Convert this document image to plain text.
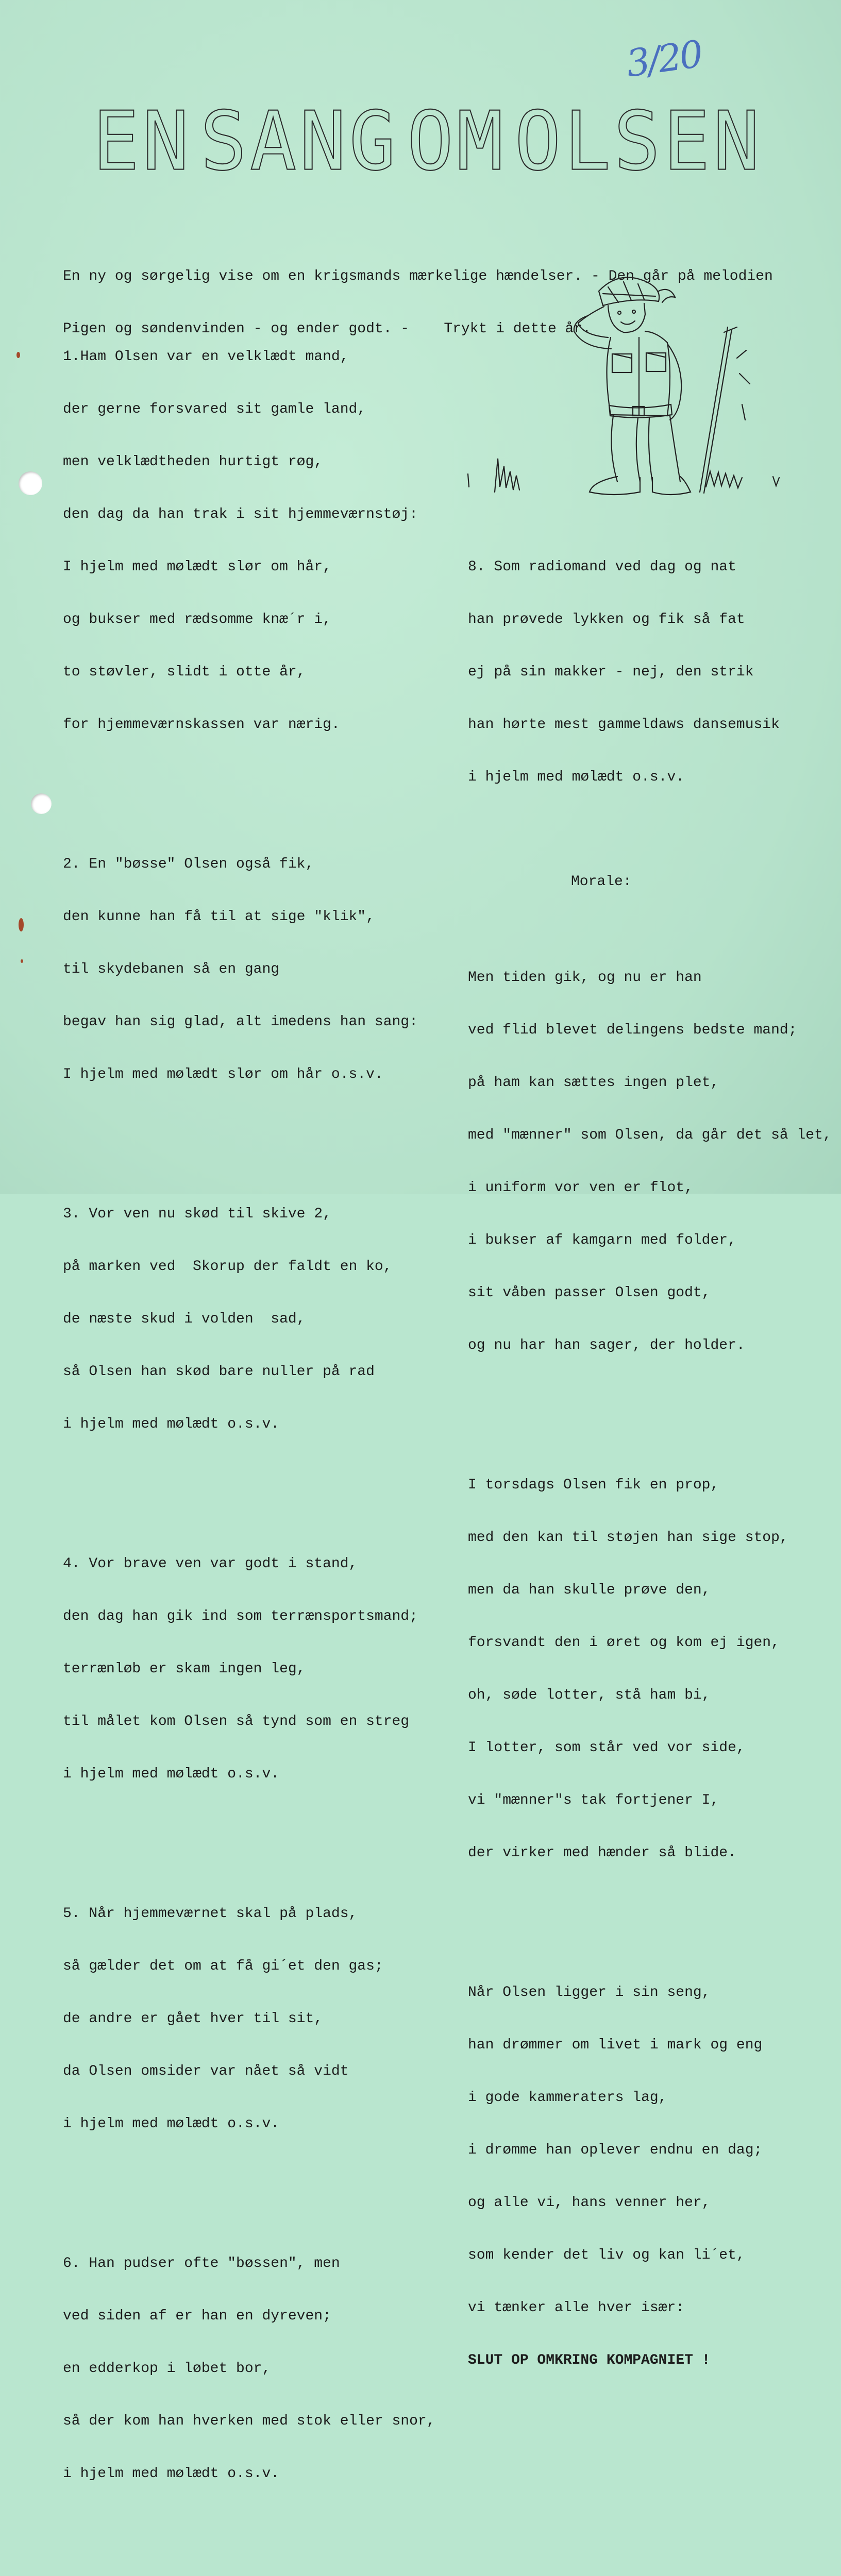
3/20
EN SANG OM OLSEN

En ny og sørgelig vise om en krigsmands mærkelige hændelser. - Den går på melodien

Pigen og søndenvinden - og ender godt. -    Trykt i dette år.

1.Ham Olsen var en velklædt mand,

der gerne forsvared sit gamle land,

men velklædtheden hurtigt røg,

den dag da han trak i sit hjemmeværnstøj:

I hjelm med mølædt slør om hår,

og bukser med rædsomme knæ´r i,

to støvler, slidt i otte år,

for hjemmeværnskassen var nærig.

2. En "bøsse" Olsen også fik,

den kunne han få til at sige "klik",

til skydebanen så en gang

begav han sig glad, alt imedens han sang:

I hjelm med mølædt slør om hår o.s.v.

3. Vor ven nu skød til skive 2,

på marken ved  Skorup der faldt en ko,

de næste skud i volden  sad,

så Olsen han skød bare nuller på rad

i hjelm med mølædt o.s.v.

4. Vor brave ven var godt i stand,

den dag han gik ind som terrænsportsmand;

terrænløb er skam ingen leg,

til målet kom Olsen så tynd som en streg

i hjelm med mølædt o.s.v.

5. Når hjemmeværnet skal på plads,

så gælder det om at få gi´et den gas;

de andre er gået hver til sit,

da Olsen omsider var nået så vidt

i hjelm med mølædt o.s.v.

6. Han pudser ofte "bøssen", men

ved siden af er han en dyreven;

en edderkop i løbet bor,

så der kom han hverken med stok eller snor,

i hjelm med mølædt o.s.v.

8. Som radiomand ved dag og nat

han prøvede lykken og fik så fat

ej på sin makker - nej, den strik

han hørte mest gammeldaws dansemusik

i hjelm med mølædt o.s.v.

Morale:

Men tiden gik, og nu er han

ved flid blevet delingens bedste mand;

på ham kan sættes ingen plet,

med "mænner" som Olsen, da går det så let,

i uniform vor ven er flot,

i bukser af kamgarn med folder,

sit våben passer Olsen godt,

og nu har han sager, der holder.

I torsdags Olsen fik en prop,

med den kan til støjen han sige stop,

men da han skulle prøve den,

forsvandt den i øret og kom ej igen,

oh, søde lotter, stå ham bi,

I lotter, som står ved vor side,

vi "mænner"s tak fortjener I,

der virker med hænder så blide.

Når Olsen ligger i sin seng,

han drømmer om livet i mark og eng

i gode kammeraters lag,

i drømme han oplever endnu en dag;

og alle vi, hans venner her,

som kender det liv og kan li´et,

vi tænker alle hver især:

SLUT OP OMKRING KOMPAGNIET !
